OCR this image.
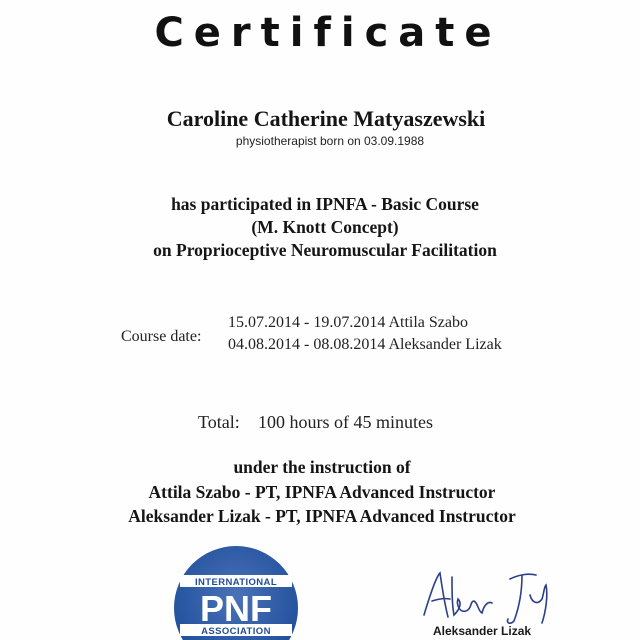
Certificate
Caroline Catherine Matyaszewski
physiotherapist born on 03.09.1988
has participated in IPNFA - Basic Course
(M. Knott Concept)
on Proprioceptive Neuromuscular Facilitation
Course date:
15.07.2014 - 19.07.2014 Attila Szabo
04.08.2014 - 08.08.2014 Aleksander Lizak
Total: 100 hours of 45 minutes
under the instruction of
Attila Szabo - PT, IPNFA Advanced Instructor
Aleksander Lizak - PT, IPNFA Advanced Instructor
INTERNATIONAL
PNF
ASSOCIATION	Aleksander Lizak
